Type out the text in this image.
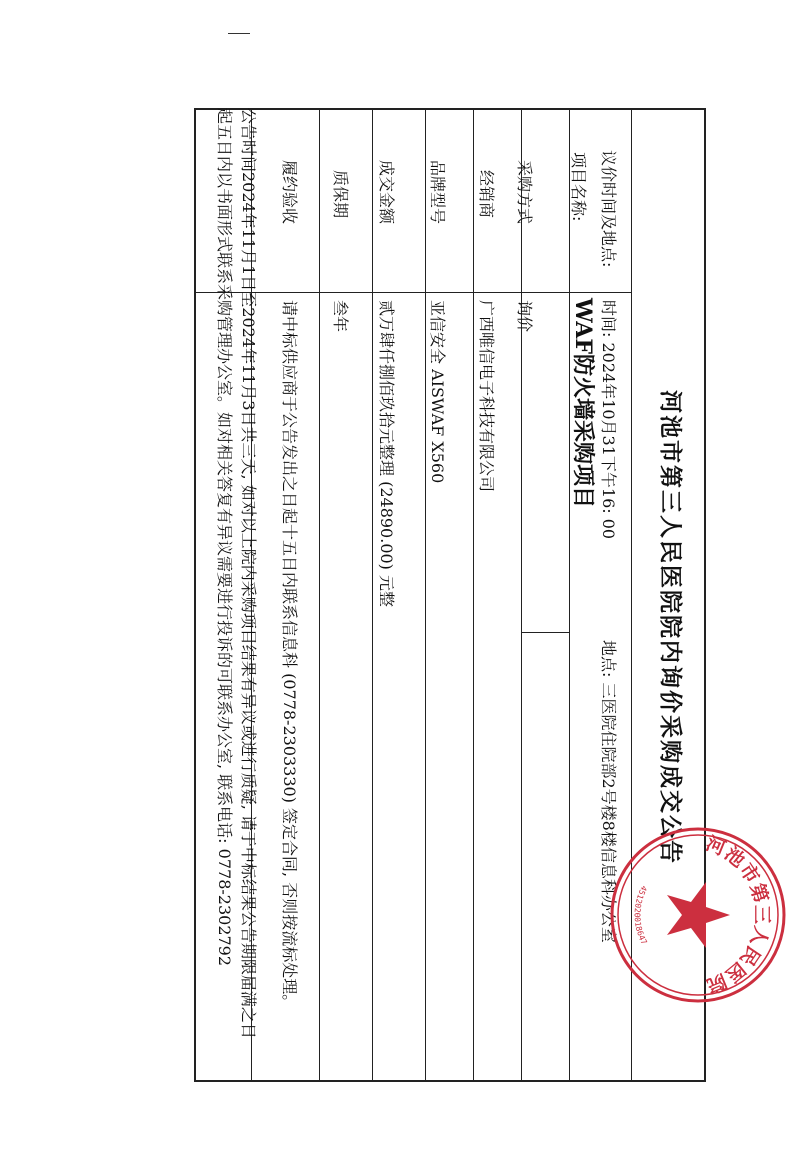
河池市第三人民医院院内询价采购成交公告
议价时间及地点:
时间: 2024年10月31下午16: 00
地点: 三医院住院部2号楼8楼信息科办公室
项目名称:
WAF防火墙采购项目
采购方式
询价
经销商
广西唯信电子科技有限公司
品牌型号
亚信安全 AISWAF X560
成交金额
贰万肆仟捌佰玖拾元整理 (24890.00) 元整
质保期
叁年
履约验收
请中标供应商于公告发出之日起十五日内联系信息科 (0778-2303330) 签定合同, 否则按流标处理。
公告时间2024年11月1日至2024年11月3日共三天, 如对以上院内采购项目结果有异议或进行质疑, 请于中标结果公告期限届满之日
起五日内以书面形式联系采购管理办公室。如对相关答复有异议需要进行投诉的可联系办公室, 联系电话: 0778-2302792	河池市第三人民医院
4512020018647
